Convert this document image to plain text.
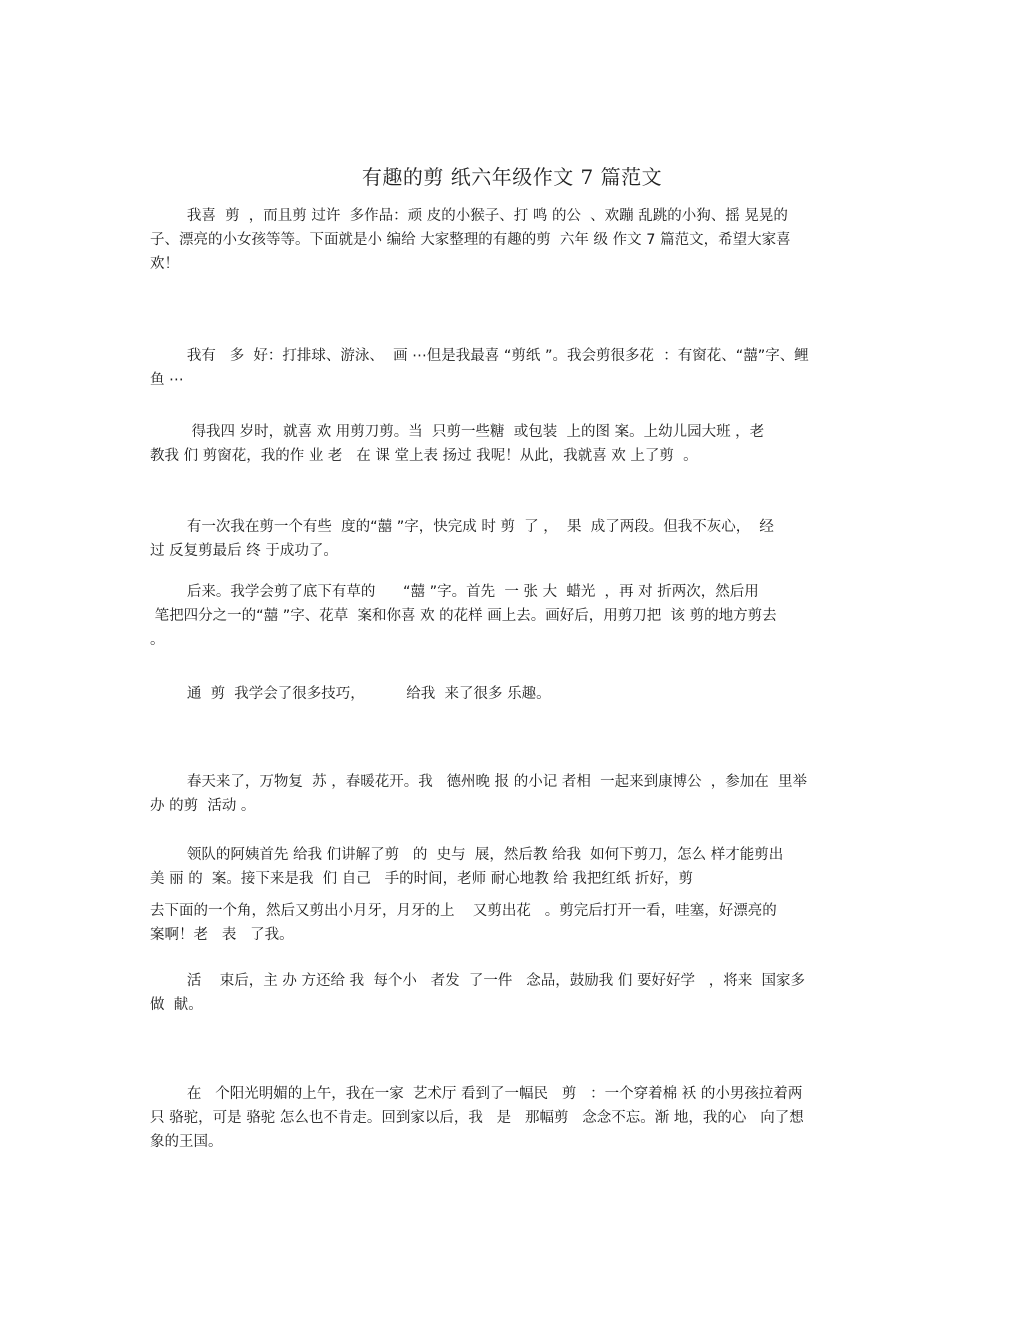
有趣的剪 纸六年级作文 7 篇范文
我喜  剪  ，而且剪 过许  多作品：顽 皮的小猴子、打 鸣 的公  、欢蹦 乱跳的小狗、摇 晃晃的
子、漂亮的小女孩等等。下面就是小 编给 大家整理的有趣的剪  六年 级 作文 7 篇范文，希望大家喜
欢！
我有   多  好：打排球、游泳、  画 ⋯但是我最喜 “剪纸 ”。我会剪很多花  ：有窗花、“囍”字、鲤
鱼 ⋯
得我四 岁时，就喜 欢 用剪刀剪。当  只剪一些糖  或包装  上的图 案。上幼儿园大班 ，老
教我 们 剪窗花，我的作 业 老   在 课 堂上表 扬过 我呢！从此，我就喜 欢 上了剪  。
有一次我在剪一个有些  度的“囍 ”字，快完成 时 剪  了 ，  果  成了两段。但我不灰心，  经
过 反复剪最后 终 于成功了。
后来。我学会剪了底下有草的      “囍 ”字。首先  一 张 大  蜡光  ，再 对 折两次，然后用
笔把四分之一的“囍 ”字、花草  案和你喜 欢 的花样 画上去。画好后，用剪刀把  该 剪的地方剪去
。
通  剪  我学会了很多技巧，         给我  来了很多 乐趣。
春天来了，万物复  苏 ，春暖花开。我   德州晚 报 的小记 者相  一起来到康博公  ，参加在  里举
办 的剪  活动 。
领队的阿姨首先 给我 们讲解了剪   的  史与  展，然后教 给我  如何下剪刀，怎么 样才能剪出
美 丽 的  案。接下来是我  们 自己   手的时间，老师 耐心地教 给 我把红纸 折好，剪
去下面的一个角，然后又剪出小月牙，月牙的上    又剪出花   。剪完后打开一看，哇塞，好漂亮的
案啊！老   表   了我。
活    束后，主 办 方还给 我  每个小   者发  了一件   念品，鼓励我 们 要好好学   ，将来  国家多
做  献。
在   个阳光明媚的上午，我在一家  艺术厅 看到了一幅民   剪   ：一个穿着棉 袄 的小男孩拉着两
只 骆驼，可是 骆驼 怎么也不肯走。回到家以后，我   是   那幅剪   念念不忘。渐 地，我的心   向了想
象的王国。
